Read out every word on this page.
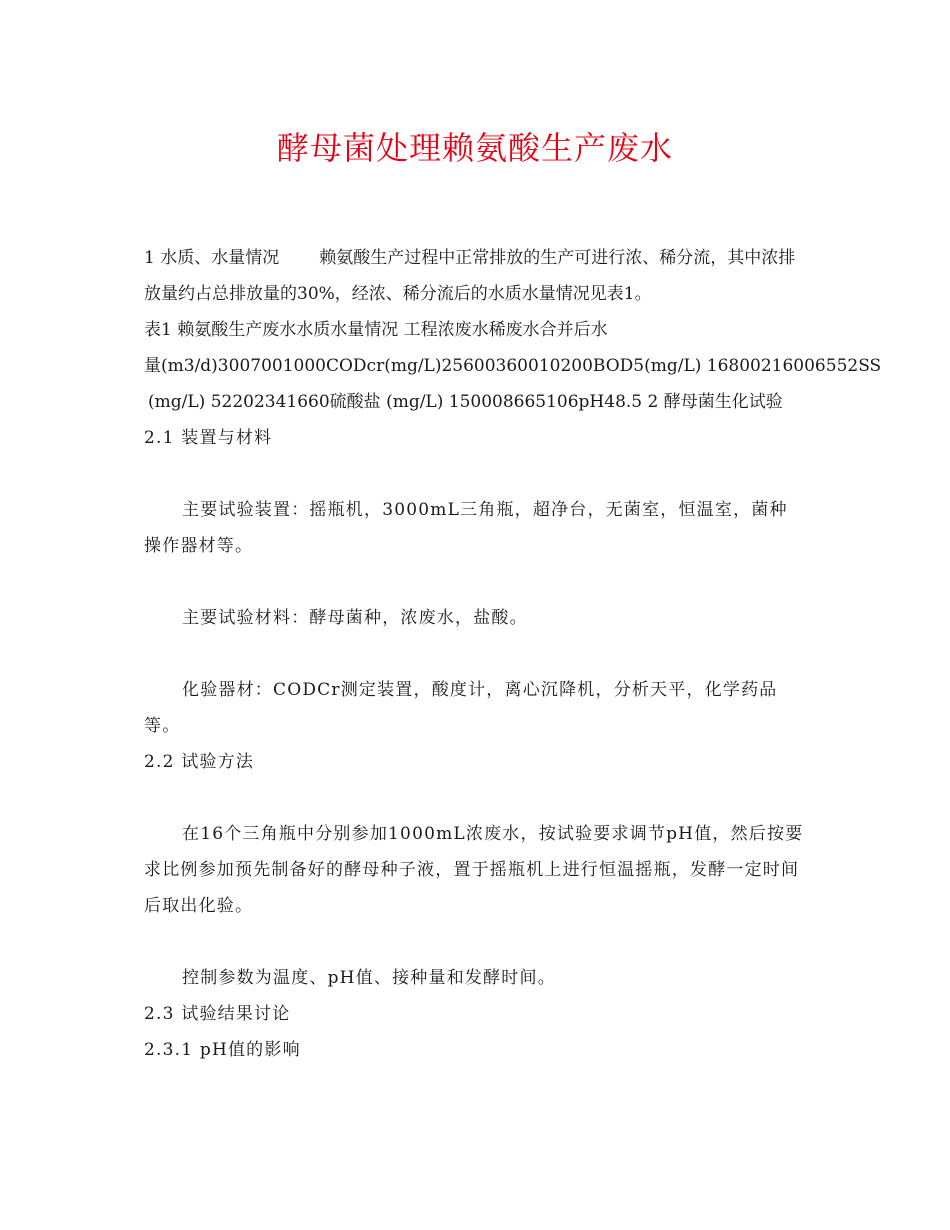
酵母菌处理赖氨酸生产废水

1 水质、水量情况 赖氨酸生产过程中正常排放的生产可进行浓、稀分流，其中浓排放量约占总排放量的30%，经浓、稀分流后的水质水量情况见表1。

表1 赖氨酸生产废水水质水量情况 工程浓废水稀废水合并后水

量(m3/d)3007001000CODcr(mg/L)25600360010200BOD5(mg/L) 16800216006552SS

(mg/L) 52202341660硫酸盐 (mg/L) 150008665106pH48.5 2 酵母菌生化试验

2.1 装置与材料

主要试验装置：摇瓶机，3000mL三角瓶，超净台，无菌室，恒温室，菌种操作器材等。

主要试验材料：酵母菌种，浓废水，盐酸。

化验器材：CODCr测定装置，酸度计，离心沉降机，分析天平，化学药品等。

2.2 试验方法

在16个三角瓶中分别参加1000mL浓废水，按试验要求调节pH值，然后按要求比例参加预先制备好的酵母种子液，置于摇瓶机上进行恒温摇瓶，发酵一定时间后取出化验。

控制参数为温度、pH值、接种量和发酵时间。

2.3 试验结果讨论

2.3.1 pH值的影响
